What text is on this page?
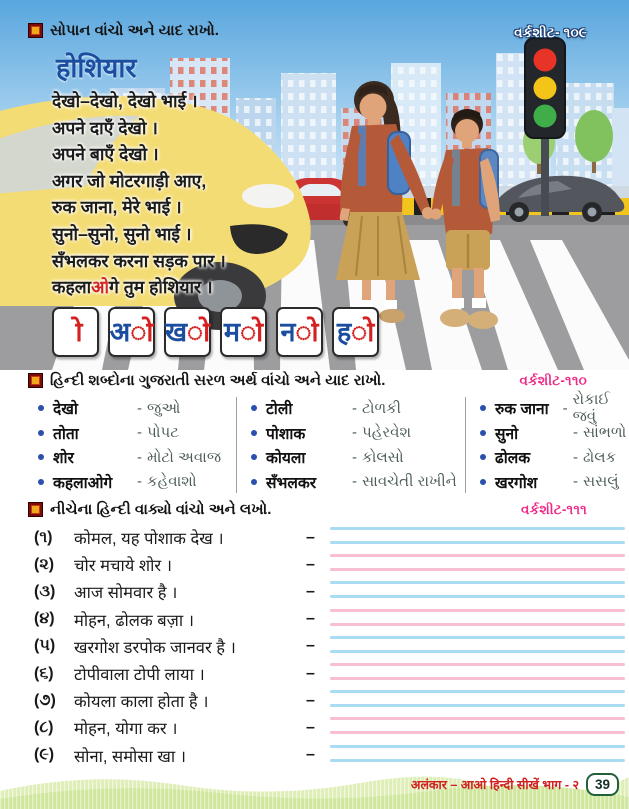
સોપાન વાંચો અને યાદ રાખો.	વર્કશીટ- ૧૦૯
होशियार
देख–देख, देख भाई ।
अपने दाएँ देख ।
अपने बाएँ देख ।
अगर ज मटरगाड़ी आए,
रुक जाना, मेरे भाई ।
सुन–सुन, सुन भाई ।
सँभलकर करना सड़क पार ।
कहलाओगे तुम हशियार ।
ो अ ो ख ो म ो न ो ह ो
હિન્દી શબ્દોના ગુજરાતી સરળ અર્થ વાંચો અને યાદ રાખો.	વર્કશીટ-૧૧૦
देखो	- જુઓ
तोता	- પોપટ
शोर	- મોટો અવાજ
कहलाओगे	- કહેવાશો
टोली	- ટોળકી
पोशाक	- પહેરવેશ
कोयला	- કોલસો
सँभलकर	- સાવચેતી રાખીને
रुक जाना - રોકાઈ જવું
सुनो	- સાંભળો
ढोलक	- ઢોલક
खरगोश	- સસલું
નીચેના હિન્દી વાક્યો વાંચો અને લખો.	વર્કશીટ-૧૧૧
(૧)	कमल, यह पशाक देख ।	–
(૨)	चर मचाये शर ।	–
(૩)	आज समवार है ।	–
(૪)	महन, ढलक बज़ा ।	–
(૫)	खरगश डरपक जानवर है ।	–
(૬)	टपीवाला टपी लाया ।	–
(૭)	कयला काला हता है ।	–
(૮)	महन, यगा कर ।	–
(૯)	सना, समसा खा ।	–
अलंकार – आओ हिन्दी सीखें भाग - २	39
